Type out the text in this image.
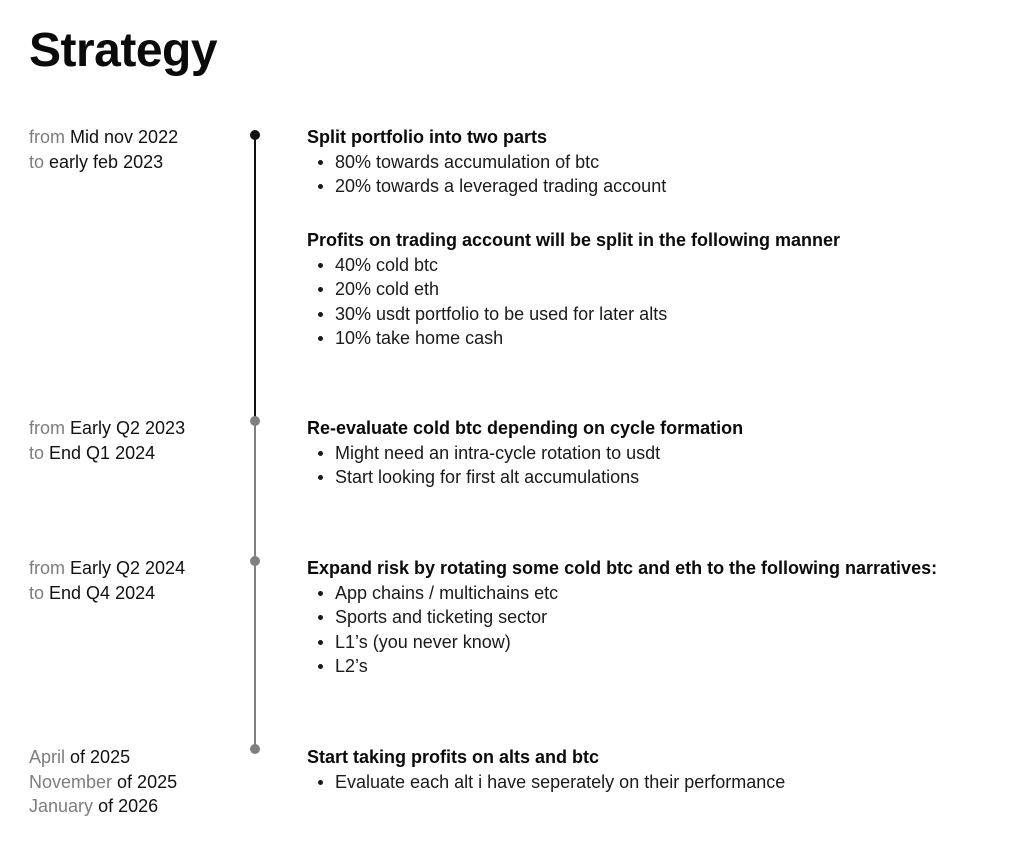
Strategy
from Mid nov 2022
to early feb 2023
Split portfolio into two parts
80% towards accumulation of btc
20% towards a leveraged trading account
Profits on trading account will be split in the following manner
40% cold btc
20% cold eth
30% usdt portfolio to be used for later alts
10% take home cash
from Early Q2 2023
to End Q1 2024
Re-evaluate cold btc depending on cycle formation
Might need an intra-cycle rotation to usdt
Start looking for first alt accumulations
from Early Q2 2024
to End Q4 2024
Expand risk by rotating some cold btc and eth to the following narratives:
App chains / multichains etc
Sports and ticketing sector
L1’s (you never know)
L2’s
April of 2025
November of 2025
January of 2026
Start taking profits on alts and btc
Evaluate each alt i have seperately on their performance
